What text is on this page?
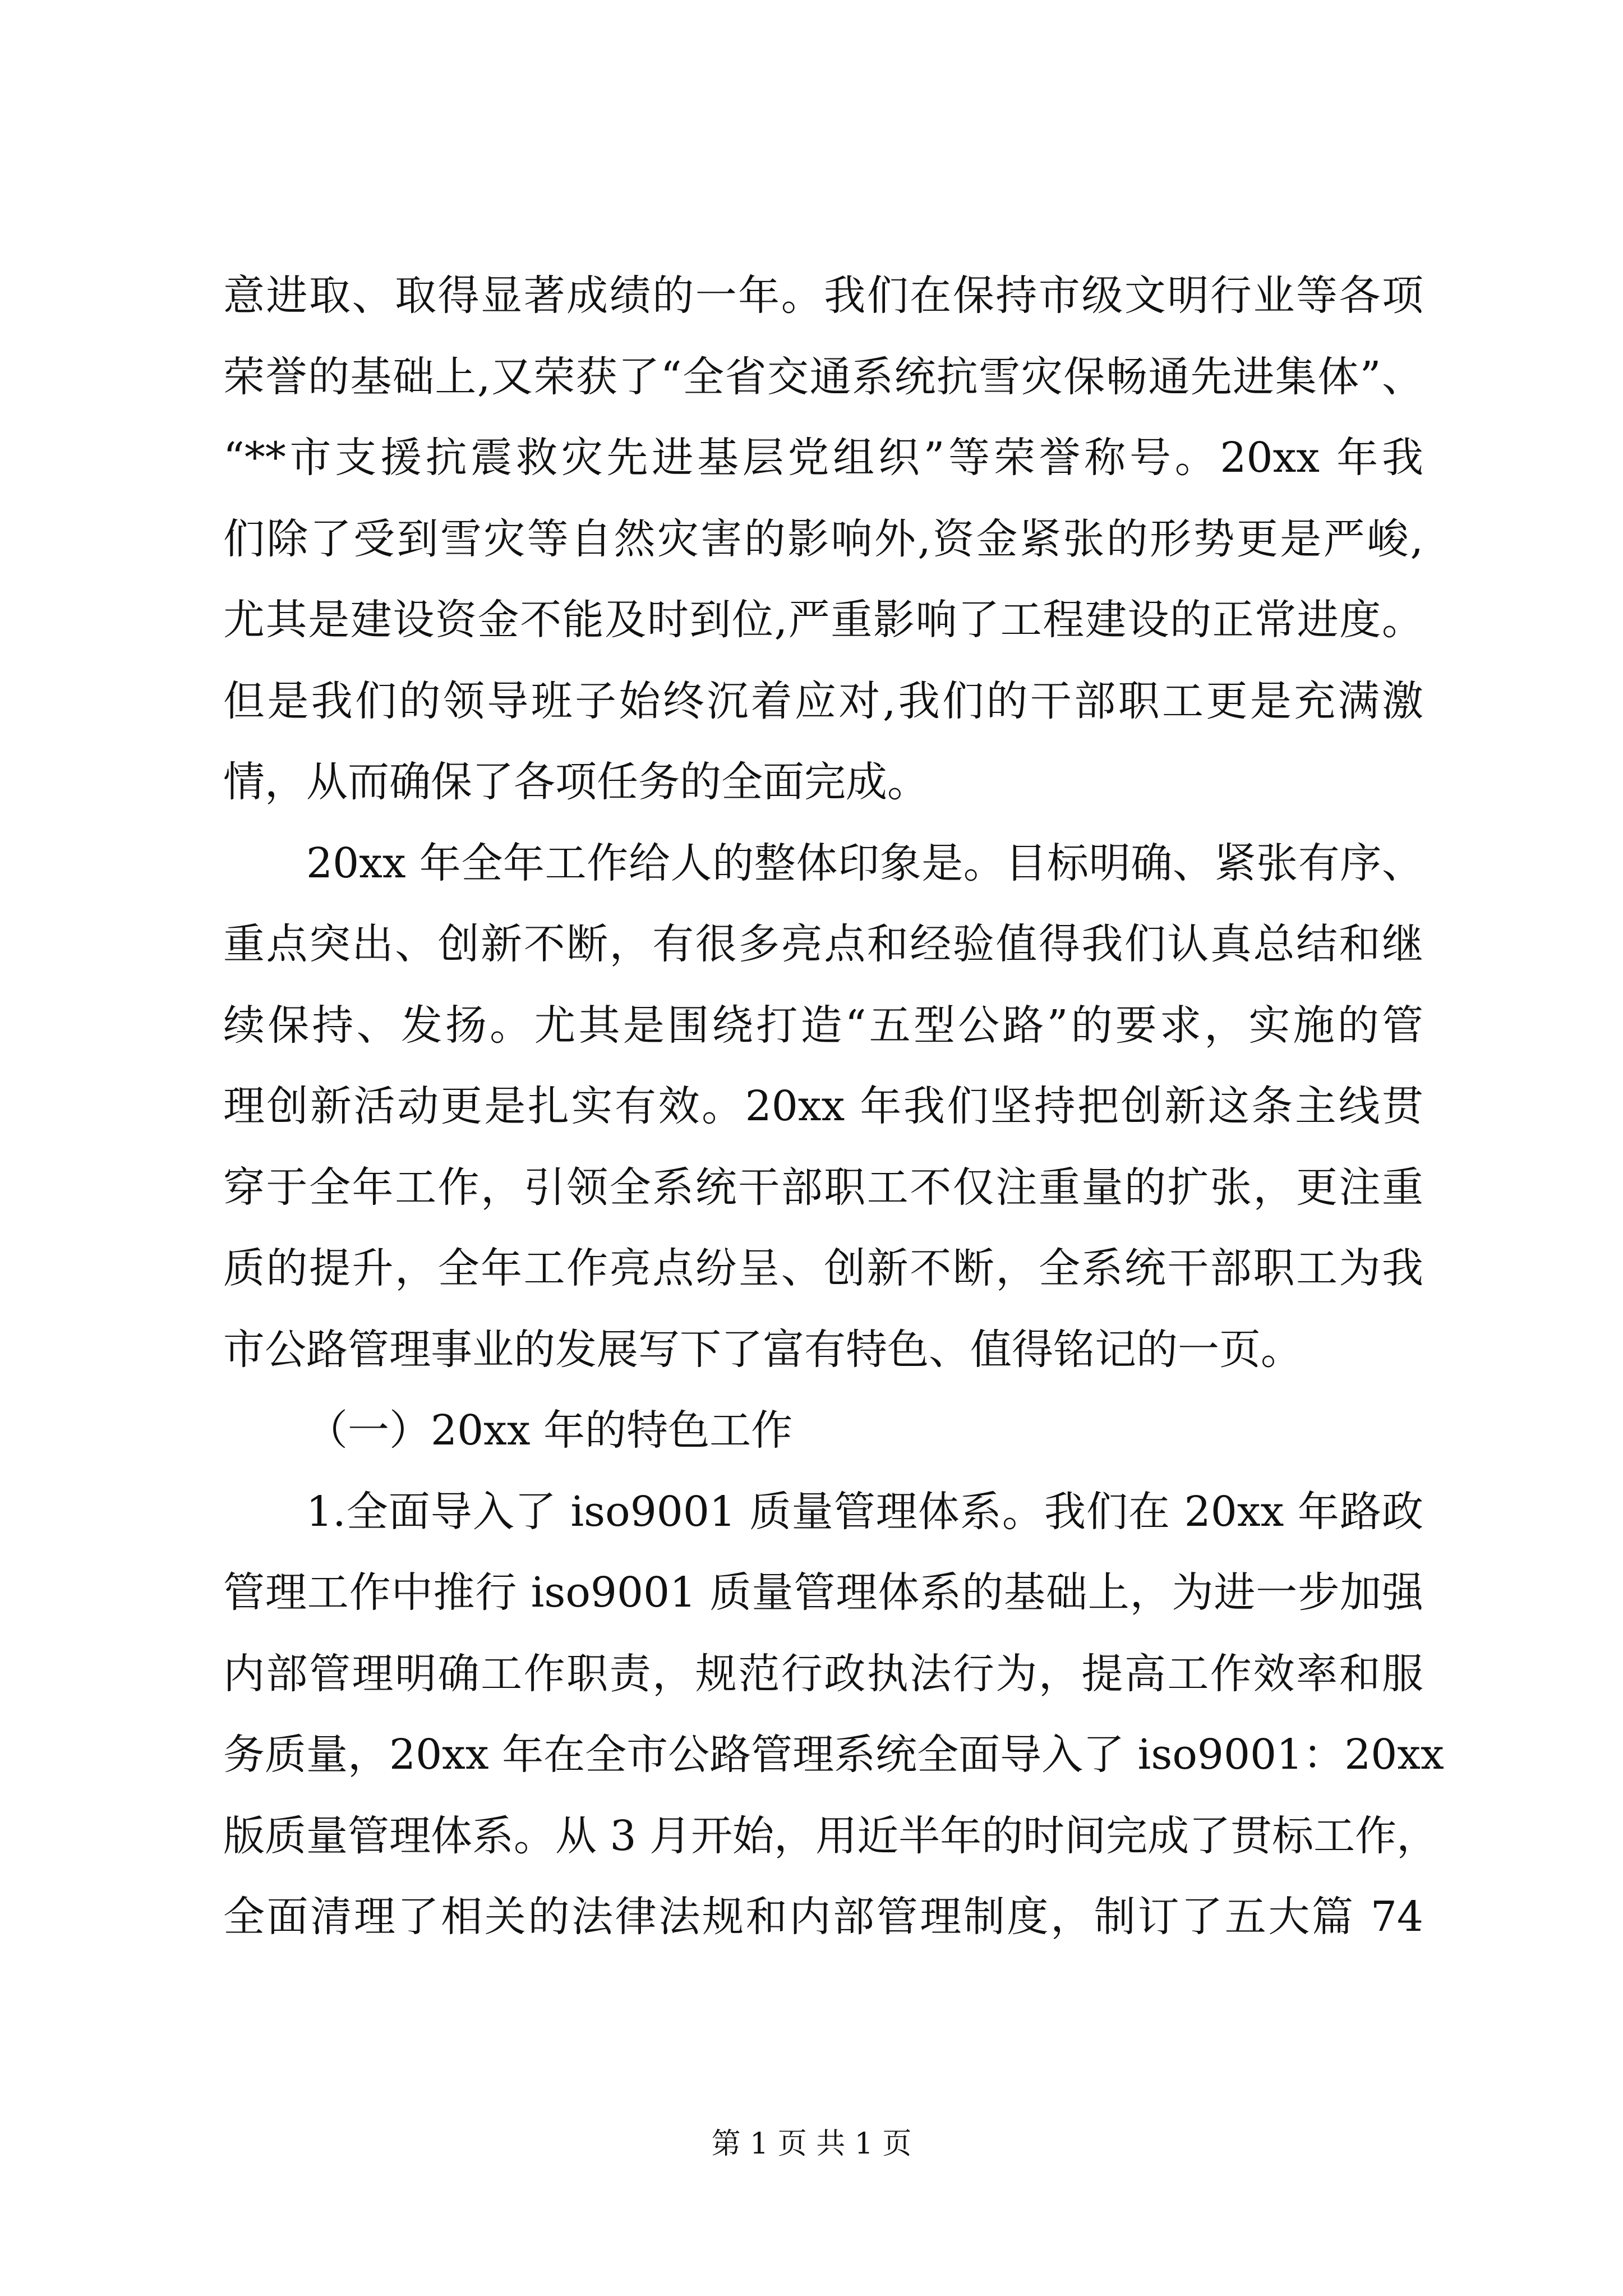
意进取、取得显著成绩的一年。我们在保持市级文明行业等各项
荣誉的基础上,又荣获了“全省交通系统抗雪灾保畅通先进集体”、
“**市支援抗震救灾先进基层党组织”等荣誉称号。20xx 年我
们除了受到雪灾等自然灾害的影响外,资金紧张的形势更是严峻,
尤其是建设资金不能及时到位,严重影响了工程建设的正常进度。
但是我们的领导班子始终沉着应对,我们的干部职工更是充满激
情，从而确保了各项任务的全面完成。
20xx 年全年工作给人的整体印象是。目标明确、紧张有序、
重点突出、创新不断，有很多亮点和经验值得我们认真总结和继
续保持、发扬。尤其是围绕打造“五型公路”的要求，实施的管
理创新活动更是扎实有效。20xx 年我们坚持把创新这条主线贯
穿于全年工作，引领全系统干部职工不仅注重量的扩张，更注重
质的提升，全年工作亮点纷呈、创新不断，全系统干部职工为我
市公路管理事业的发展写下了富有特色、值得铭记的一页。
（一）20xx 年的特色工作
1.全面导入了 iso9001 质量管理体系。我们在 20xx 年路政
管理工作中推行 iso9001 质量管理体系的基础上，为进一步加强
内部管理明确工作职责，规范行政执法行为，提高工作效率和服
务质量，20xx 年在全市公路管理系统全面导入了 iso9001：20xx
版质量管理体系。从 3 月开始，用近半年的时间完成了贯标工作，
全面清理了相关的法律法规和内部管理制度，制订了五大篇 74
第 1 页 共 1 页
